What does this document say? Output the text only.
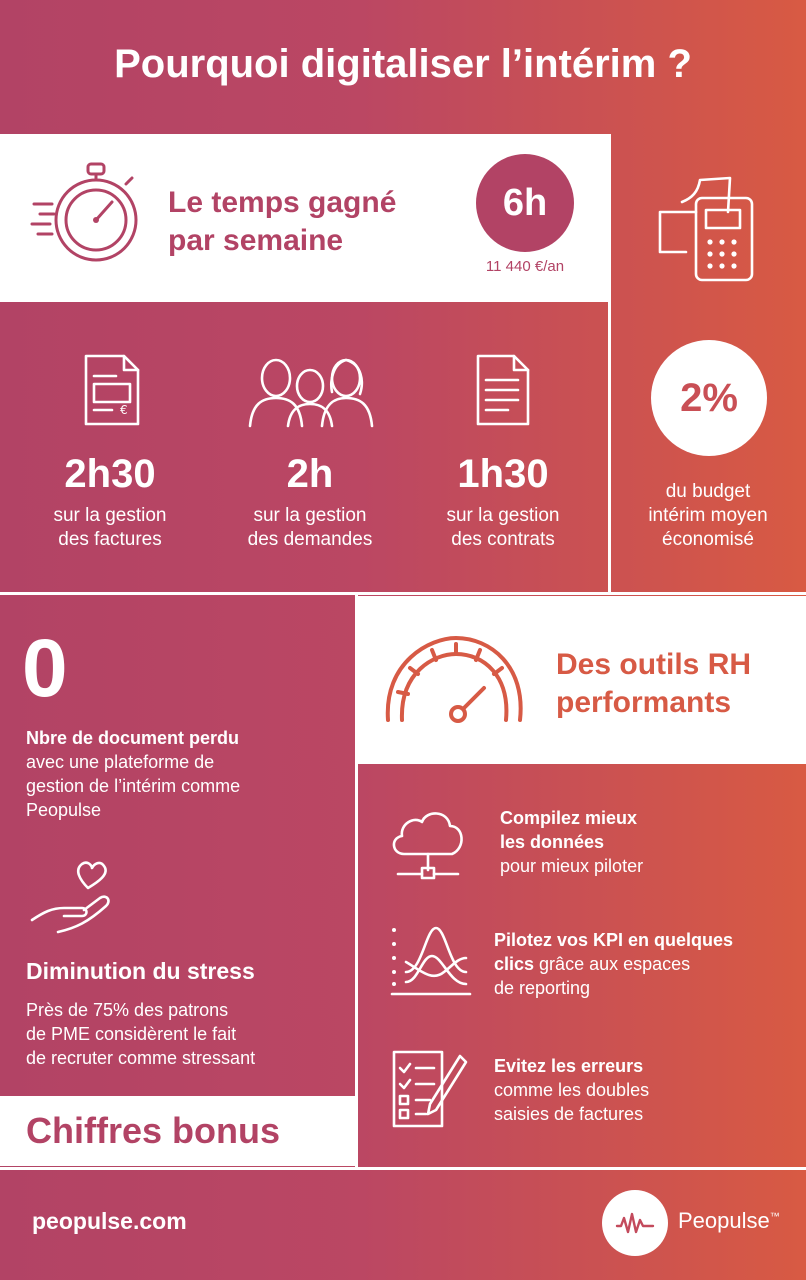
Pourquoi digitaliser l’intérim ?
Le temps gagné
par semaine
6h
11 440 €/an
2%
du budget
intérim moyen
économisé
€
2h30
sur la gestion
des factures
2h
sur la gestion
des demandes
1h30
sur la gestion
des contrats
0
Nbre de document perdu
avec une plateforme de
gestion de l’intérim comme
Peopulse
Diminution du stress
Près de 75% des patrons
de PME considèrent le fait
de recruter comme stressant
Chiffres bonus
Des outils RH
performants
Compilez mieux
les données
pour mieux piloter
Pilotez vos KPI en quelques
clics grâce aux espaces
de reporting
Evitez les erreurs
comme les doubles
saisies de factures
peopulse.com	Peopulse™
